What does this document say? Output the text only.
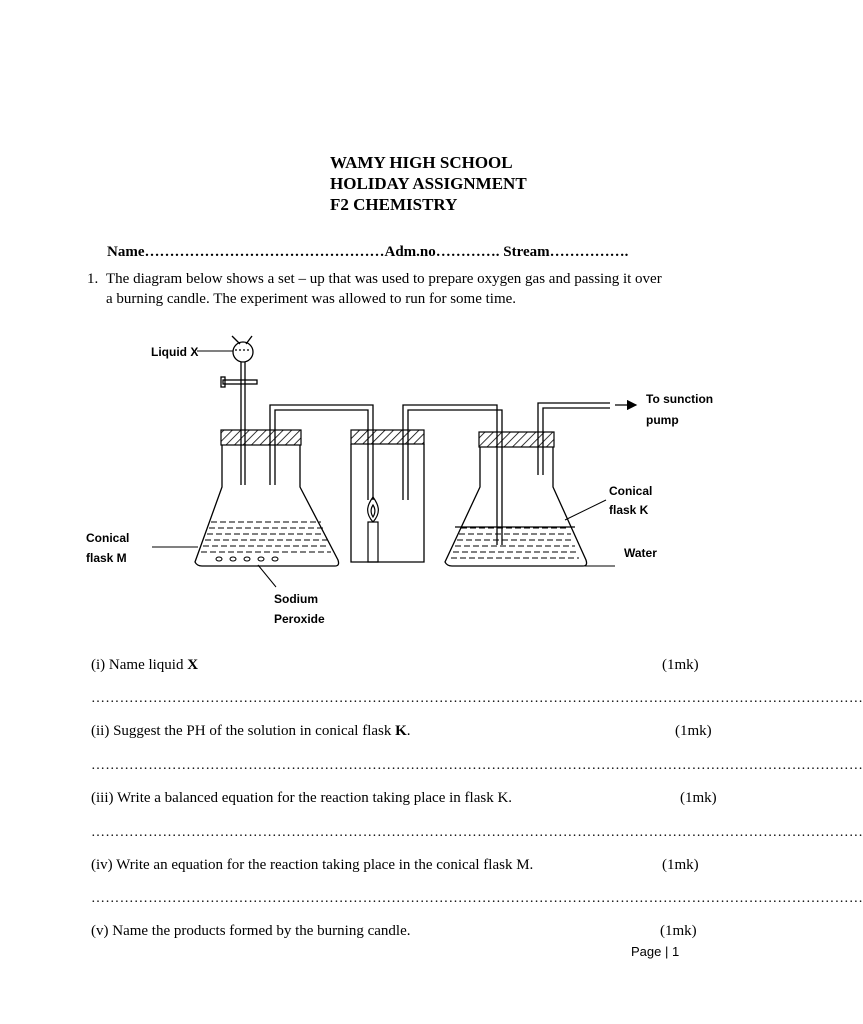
WAMY HIGH SCHOOL
HOLIDAY ASSIGNMENT
F2 CHEMISTRY
Name…………………………………………Adm.no…………. Stream…………….
1. The diagram below shows a set – up that was used to prepare oxygen gas and passing it over
a burning candle. The experiment was allowed to run for some time.
Liquid X
To sunction
pump
Conical
flask K
Water
Conical
flask M
Sodium
Peroxide
(i) Name liquid X	(1mk)
………………………………………………………………………………………………………………………………………………
(ii) Suggest the PH of the solution in conical flask K.	(1mk)
………………………………………………………………………………………………………………………………………………
(iii) Write a balanced equation for the reaction taking place in flask K.	(1mk)
………………………………………………………………………………………………………………………………………………
(iv) Write an equation for the reaction taking place in the conical flask M.	(1mk)
………………………………………………………………………………………………………………………………………………
(v) Name the products formed by the burning candle.	(1mk)
Page | 1
